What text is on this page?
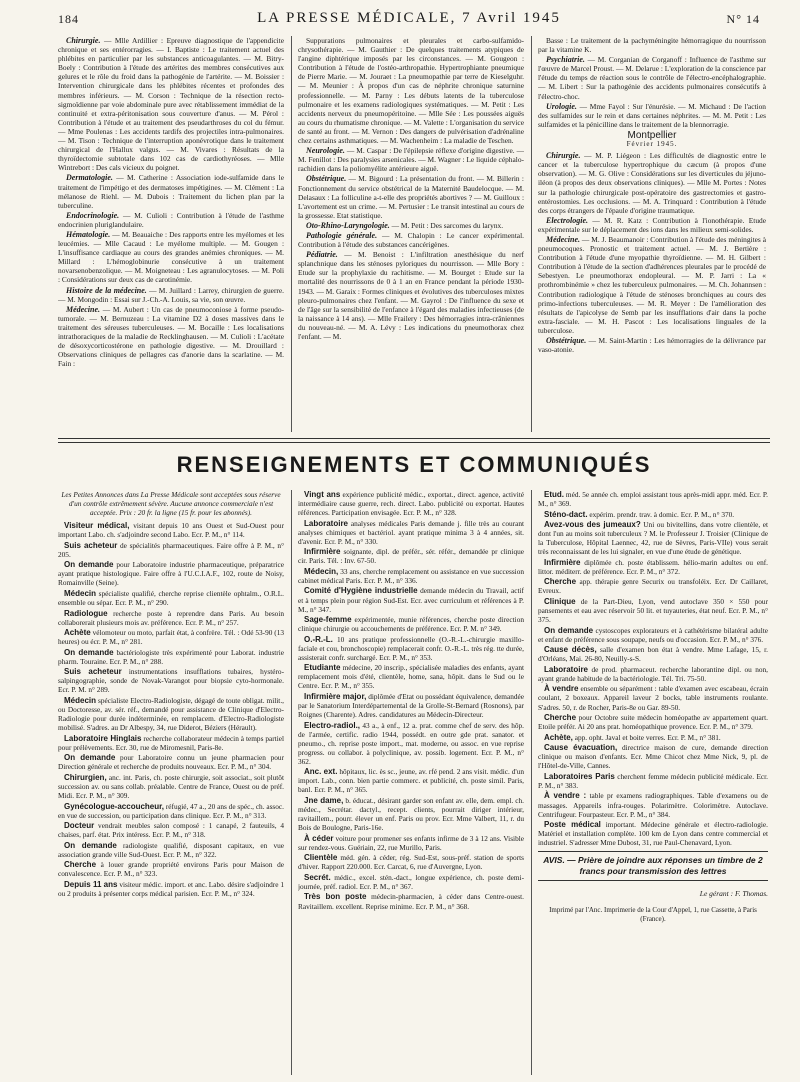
184	LA PRESSE MÉDICALE, 7 Avril 1945	N° 14

Chirurgie. — Mlle Ardillier : Epreuve diagnostique de l'appendicite chronique et ses entérorragies. — I. Baptiste : Le traitement actuel des phlébites en particulier par les substances anticoagulantes. — M. Bitry-Boely : Contribution à l'étude des artérites des membres consécutives aux gelures et le rôle du froid dans la pathogénie de l'artérite. — M. Boissier : Intervention chirurgicale dans les phlébites récentes et profondes des membres inférieurs. — M. Corson : Technique de la résection recto-sigmoïdienne par voie abdominale pure avec rétablissement immédiat de la continuité et extra-péritonisation sous couverture d'anus. — M. Pérol : Contribution à l'étude et au traitement des pseudarthroses du col du fémur. — Mme Poulenas : Les accidents tardifs des projectiles intra-pulmonaires. — M. Tison : Technique de l'interruption aponévrotique dans le traitement chirurgical de l'Hallux valgus. — M. Vivares : Résultats de la thyroïdectomie subtotale dans 102 cas de cardiothyréoses. — Mlle Wintrebort : Des cals vicieux du poignet.

Dermatologie. — M. Catherine : Association iode-sulfamide dans le traitement de l'impétigo et des dermatoses impétigines. — M. Clément : La mélanose de Riehl. — M. Dubois : Traitement du lichen plan par la tuberculine.

Endocrinologie. — M. Culioli : Contribution à l'étude de l'asthme endocrinien pluriglandulaire.

Hématologie. — M. Beauaiche : Des rapports entre les myélomes et les leucémies. — Mlle Cacaud : Le myélome multiple. — M. Gougen : L'insuffisance cardiaque au cours des grandes anémies chroniques. — M. Millard : L'hémoglobinurie consécutive à un traitement novarsenobenzolique. — M. Moigneteau : Les agranulocytoses. — M. Poli : Considérations sur deux cas de carotinémie.

Histoire de la médecine. — M. Juillard : Larrey, chirurgien de guerre. — M. Mongodin : Essai sur J.-Ch.-A. Louis, sa vie, son œuvre.

Médecine. — M. Aubert : Un cas de pneumoconiose à forme pseudo-tumorale. — M. Bernuzeau : La vitamine D2 à doses massives dans le traitement des séreuses tuberculeuses. — M. Bocaille : Les localisations intrathoraciques de la maladie de Recklinghausen. — M. Culioli : L'acétate de désoxycorticostérone en pathologie digestive. — M. Drouillard : Observations cliniques de pellagres cas d'anorie dans la scarlatine. — M. Fain :

Suppurations pulmonaires et pleurales et carbo-sulfamido-chrysothérapie. — M. Gauthier : De quelques traitements atypiques de l'angine diphtérique imposés par les circonstances. — M. Gougeon : Contribution à l'étude de l'ostéo-arthropathie. Hypertrophiante pneumique de Pierre Marie. — M. Jouraet : La pneumopathie par terre de Kieselguhr. — M. Meunier : À propos d'un cas de néphrite chronique saturnine professionnelle. — M. Parny : Les débuts latents de la tuberculose pulmonaire et les examens radiologiques systématiques. — M. Petit : Les accidents nerveux du pneumopéritoine. — Mlle Sée : Les poussées aiguës au cours du rhumatisme chronique. — M. Valette : L'organisation du service de santé au front. — M. Vernon : Des dangers de pulvérisation d'adrénaline chez certains asthmatiques. — M. Wachenheim : La maladie de Teschen.

Neurologie. — M. Caspar : De l'épilepsie réflexe d'origine digestive. — M. Fenillot : Des paralysies arsenicales. — M. Wagner : Le liquide céphalo-rachidien dans la poliomyélite antérieure aiguë.

Obstétrique. — M. Bigourd : La présentation du front. — M. Billerin : Fonctionnement du service obstétrical de la Maternité Baudelocque. — M. Delasaux : La folliculine a-t-elle des propriétés abortives ? — M. Guilloux : L'avortement est un crime. — M. Pertusier : Le transit intestinal au cours de la grossesse. Etat statistique.

Oto-Rhino-Laryngologie. — M. Petit : Des sarcomes du larynx.

Pathologie générale. — M. Chalopin : Le cancer expérimental. Contribution à l'étude des substances cancérigènes.

Pédiatrie. — M. Benoist : L'infiltration anesthésique du nerf splanchnique dans les sténoses pyloriques du nourrisson. — Mlle Bory : Etude sur la prophylaxie du rachitisme. — M. Bourget : Etude sur la mortalité des nourrissons de 0 à 1 an en France pendant la période 1930-1943. — M. Garaix : Formes cliniques et évolutives des tuberculoses mixtes pleuro-pulmonaires chez l'enfant. — M. Gayrol : De l'influence du sexe et de l'âge sur la sensibilité de l'enfance à l'égard des maladies infectieuses (de la naissance à 14 ans). — Mlle Frailery : Des hémorragies intra-crâniennes du nouveau-né. — M. A. Lévy : Les indications du pneumothorax chez l'enfant. — M.

Basse : Le traitement de la pachyméningite hémorragique du nourrisson par la vitamine K.

Psychiatrie. — M. Corganian de Corganoff : Influence de l'asthme sur l'œuvre de Marcel Proust. — M. Delarue : L'exploration de la conscience par l'étude du temps de réaction sous le contrôle de l'électro-encéphalographie. — M. Libert : Sur la pathogénie des accidents pulmonaires consécutifs à l'électro-choc.

Urologie. — Mme Fayol : Sur l'énurésie. — M. Michaud : De l'action des sulfamides sur le rein et dans certaines néphrites. — M. M. Petit : Les sulfamides et la pénicilline dans le traitement de la blennorragie.

Montpellier
Février 1945.

Chirurgie. — M. P. Liégeon : Les difficultés de diagnostic entre le cancer et la tuberculose hypertrophique du cæcum (à propos d'une observation). — M. G. Olive : Considérations sur les diverticules du jéjuno-iléon (à propos des deux observations cliniques). — Mlle M. Portes : Notes sur la pathologie chirurgicale post-opératoire des gastrectomies et gastro-entérostomies. Les occlusions. — M. A. Trinquard : Contribution à l'étude des corps étrangers de l'épaule d'origine traumatique.

Electrologie. — M. R. Katz : Contribution à l'ionothérapie. Etude expérimentale sur le déplacement des ions dans les milieux semi-solides.

Médecine. — M. J. Beaumanoir : Contribution à l'étude des méningites à pneumocoques. Pronostic et traitement actuel. — M. J. Bertière : Contribution à l'étude d'une myopathie thyroïdienne. — M. H. Gilbert : Contribution à l'étude de la section d'adhérences pleurales par le procédé de Sebestyen. Le pneumothorax endopleural. — M. P. Jarri : La « prothrombinémie » chez les tuberculeux pulmonaires. — M. Ch. Johannsen : Contribution radiologique à l'étude de sténoses bronchiques au cours des primo-infections tuberculeuses. — M. R. Meyer : De l'amélioration des résultats de l'apicolyse de Semb par les insufflations d'air dans la poche extra-fasciale. — M. H. Pascot : Les localisations linguales de la tuberculose.

Obstétrique. — M. Saint-Martin : Les hémorragies de la délivrance par vaso-atonie.

RENSEIGNEMENTS ET COMMUNIQUÉS

Les Petites Annonces dans La Presse Médicale sont acceptées sous réserve d'un contrôle extrêmement sévère. Aucune annonce commerciale n'est acceptée. Prix : 20 fr. la ligne (15 fr. pour les abonnés).

Visiteur médical, visitant depuis 10 ans Ouest et Sud-Ouest pour important Labo. ch. s'adjoindre second Labo. Ecr. P. M., n° 114.

Suis acheteur de spécialités pharmaceutiques. Faire offre à P. M., n° 205.

On demande pour Laboratoire industrie pharmaceutique, préparatrice ayant pratique histologique. Faire offre à l'U.C.I.A.F., 102, route de Noisy, Romainville (Seine).

Médecin spécialiste qualifié, cherche reprise clientèle ophtalm., O.R.L. ensemble ou sépar. Ecr. P. M., n° 290.

Radiologue recherche poste à reprendre dans Paris. Au besoin collaborerait plusieurs mois av. préférence. Ecr. P. M., n° 257.

Achète vélomoteur ou moto, parfait état, à confrère. Tél. : Odé 53-90 (13 heures) ou écr. P. M., n° 281.

On demande bactériologiste très expérimenté pour Laborat. industrie pharm. Touraine. Ecr. P. M., n° 288.

Suis acheteur instrumentations insufflations tubaires, hystéro-salpingographie, sonde de Novak-Varangot pour biopsie cyto-hormonale. Ecr. P. M. n° 289.

Médecin spécialiste Electro-Radiologiste, dégagé de toute obligat. milit., ou Doctoresse, av. sér. réf., demandé pour assistance de Clinique d'Electro-Radiologie pour durée indéterminée, en remplacem. d'Electro-Radiologiste mobilisé. S'adres. au Dr Albespy, 34, rue Diderot, Béziers (Hérault).

Laboratoire Hinglais recherche collaborateur médecin à temps partiel pour prélèvements. Ecr. 30, rue de Miromesnil, Paris-8e.

On demande pour Laboratoire connu un jeune pharmacien pour Direction générale et recherche de produits nouveaux. Ecr. P. M., n° 304.

Chirurgien, anc. int. Paris, ch. poste chirurgie, soit associat., soit plutôt succession av. ou sans collab. préalable. Centre de France, Ouest ou de préf. Midi. Ecr. P. M., n° 309.

Gynécologue-accoucheur, réfugié, 47 a., 20 ans de spéc., ch. assoc. en vue de succession, ou participation dans clinique. Ecr. P. M., n° 313.

Docteur vendrait meubles salon composé : 1 canapé, 2 fauteuils, 4 chaises, parf. état. Prix intéress. Ecr. P. M., n° 318.

On demande radiologiste qualifié, disposant capitaux, en vue association grande ville Sud-Ouest. Ecr. P. M., n° 322.

Cherche à louer grande propriété environs Paris pour Maison de convalescence. Ecr. P. M., n° 323.

Depuis 11 ans visiteur médic. import. et anc. Labo. désire s'adjoindre 1 ou 2 produits à présenter corps médical parisien. Ecr. P. M., n° 324.

Vingt ans expérience publicité médic., exportat., direct. agence, activité intermédiaire cause guerre, rech. direct. Labo. publicité ou exportat. Hautes références. Participation envisagée. Ecr. P. M., n° 328.

Laboratoire analyses médicales Paris demande j. fille très au courant analyses chimiques et bactériol. ayant pratique minima 3 à 4 années, sit. d'avenir. Ecr. P. M., n° 330.

Infirmière soignante, dipl. de préfér., sér. référ., demandée pr clinique cir. Paris. Tél. : Inv. 67-50.

Médecin, 33 ans, cherche remplacement ou assistance en vue succession cabinet médical Paris. Ecr. P. M., n° 336.

Comité d'Hygiène industrielle demande médecin du Travail, actif et à temps plein pour région Sud-Est. Ecr. avec curriculum et références à P. M., n° 347.

Sage-femme expérimentée, munie références, cherche poste direction clinique chirurgie ou accouchements de préférence. Ecr. P. M. n° 349.

O.-R.-L. 10 ans pratique professionnelle (O.-R.-L.-chirurgie maxillo-faciale et cou, bronchoscopie) remplacerait confr. O.-R.-L. très rég. tte durée, assisterait confr. surchargé. Ecr. P. M., n° 353.

Etudiante médecine, 20 inscrip., spécialisée maladies des enfants, ayant remplacement mois d'été, clientèle, home, sana, hôpit. dans le Sud ou le Centre. Ecr. P. M., n° 355.

Infirmière major, diplômée d'Etat ou possédant équivalence, demandée par le Sanatorium Interdépartemental de la Grolle-St-Bernard (Rosnons), par Roignes (Charente). Adres. candidatures au Médecin-Directeur.

Electro-radiol., 43 a., à enf., 12 a. prat. comme chef de serv. des hôp. de l'armée, certific. radio 1944, possédt. en outre gde prat. sanator. et pneumo., ch. reprise poste import., mat. moderne, ou assoc. en vue reprise progress. ou collabor. à polyclinique, av. possib. logement. Ecr. P. M., n° 362.

Anc. ext. hôpitaux, lic. ès sc., jeune, av. rfé pend. 2 ans visit. médic. d'un import. Lab., conn. bien partie commerc. et publicité, ch. poste simil. Paris, banl. Ecr. P. M., n° 365.

Jne dame, b. éducat., désirant garder son enfant av. elle, dem. empl. ch. médec., Secrétar. dactyl., recept. clients, pourrait diriger intérieur, ravitaillem., pourr. élever un enf. Paris ou prov. Ecr. Mme Valbert, 11, r. du Bois de Boulogne, Paris-16e.

À céder voiture pour promener ses enfants infirme de 3 à 12 ans. Visible sur rendez-vous. Guériain, 22, rue Murillo, Paris.

Clientèle méd. gén. à céder, rég. Sud-Est, sous-préf. station de sports d'hiver. Rapport 220.000. Ecr. Carcat, 6, rue d'Auvergne, Lyon.

Secrét. médic., excel. stén.-dact., longue expérience, ch. poste demi-journée, préf. radiol. Ecr. P. M., n° 367.

Très bon poste médecin-pharmacien, à céder dans Centre-ouest. Ravitaillem. excellent. Reprise minime. Ecr. P. M., n° 368.

Etud. méd. 5e année ch. emploi assistant tous après-midi appr. méd. Ecr. P. M., n° 369.

Sténo-dact. expérim. prendr. trav. à domic. Ecr. P. M., n° 370.

Avez-vous des jumeaux? Uni ou bivitellins, dans votre clientèle, et dont l'un au moins soit tuberculeux ? M. le Professeur J. Troisier (Clinique de la Tuberculose, Hôpital Laennec, 42, rue de Sèvres, Paris-VIIe) vous serait très reconnaissant de les lui signaler, en vue d'une étude de génétique.

Infirmière diplômée ch. poste établissem. hélio-marin adultes ou enf. littor. méditerr. de préférence. Ecr. P. M., n° 372.

Cherche app. thérapie genre Securix ou transfoléix. Ecr. Dr Caillaret, Evreux.

Clinique de la Part-Dieu, Lyon, vend autoclave 350 × 550 pour pansements et eau avec réservoir 50 lit. et tuyauteries, état neuf. Ecr. P. M., n° 375.

On demande cystoscopes explorateurs et à cathétérisme bilatéral adulte et enfant de préférence sous soupape, neufs ou d'occasion. Ecr. P. M., n° 376.

Cause décès, salle d'examen bon état à vendre. Mme Lafage, 15, r. d'Orléans, Mai. 26-80, Neuilly-s-S.

Laboratoire de prod. pharmaceut. recherche laborantine dipl. ou non, ayant grande habitude de la bactériologie. Tél. Tri. 75-50.

À vendre ensemble ou séparément : table d'examen avec escabeau, écrain coulant, 2 boxeaux. Appareil laveur 2 bocks, table instruments roulante. S'adres. 50, r. de Rocher, Paris-8e ou Gar. 89-50.

Cherche pour Octobre suite médecin homéopathe av appartement quart. Etoile préfér. Ai 20 ans prat. homéopathique provence. Ecr. P. M., n° 379.

Achète, app. opht. Javal et boite verres. Ecr. P. M., n° 381.

Cause évacuation, directrice maison de cure, demande direction clinique ou maison d'enfants. Ecr. Mme Chicot chez Mme Nick, 9, pl. de l'Hôtel-de-Ville, Cannes.

Laboratoires Paris cherchent femme médecin publicité médicale. Ecr. P. M., n° 383.

À vendre : table pr examens radiographiques. Table d'examens ou de massages. Appareils infra-rouges. Polarimètre. Colorimètre. Autoclave. Centrifugeur. Fourpasteur. Ecr. P. M., n° 384.

Poste médical important. Médecine générale et électro-radiologie. Matériel et installation complète. 100 km de Lyon dans centre commercial et industriel. S'adresser Mme Dubost, 31, rue Paul-Chenavard, Lyon.

AVIS. — Prière de joindre aux réponses un timbre de 2 francs pour transmission des lettres
Le gérant : F. Thomas.
Imprimé par l'Anc. Imprimerie de la Cour d'Appel, 1, rue Cassette, à Paris (France).
